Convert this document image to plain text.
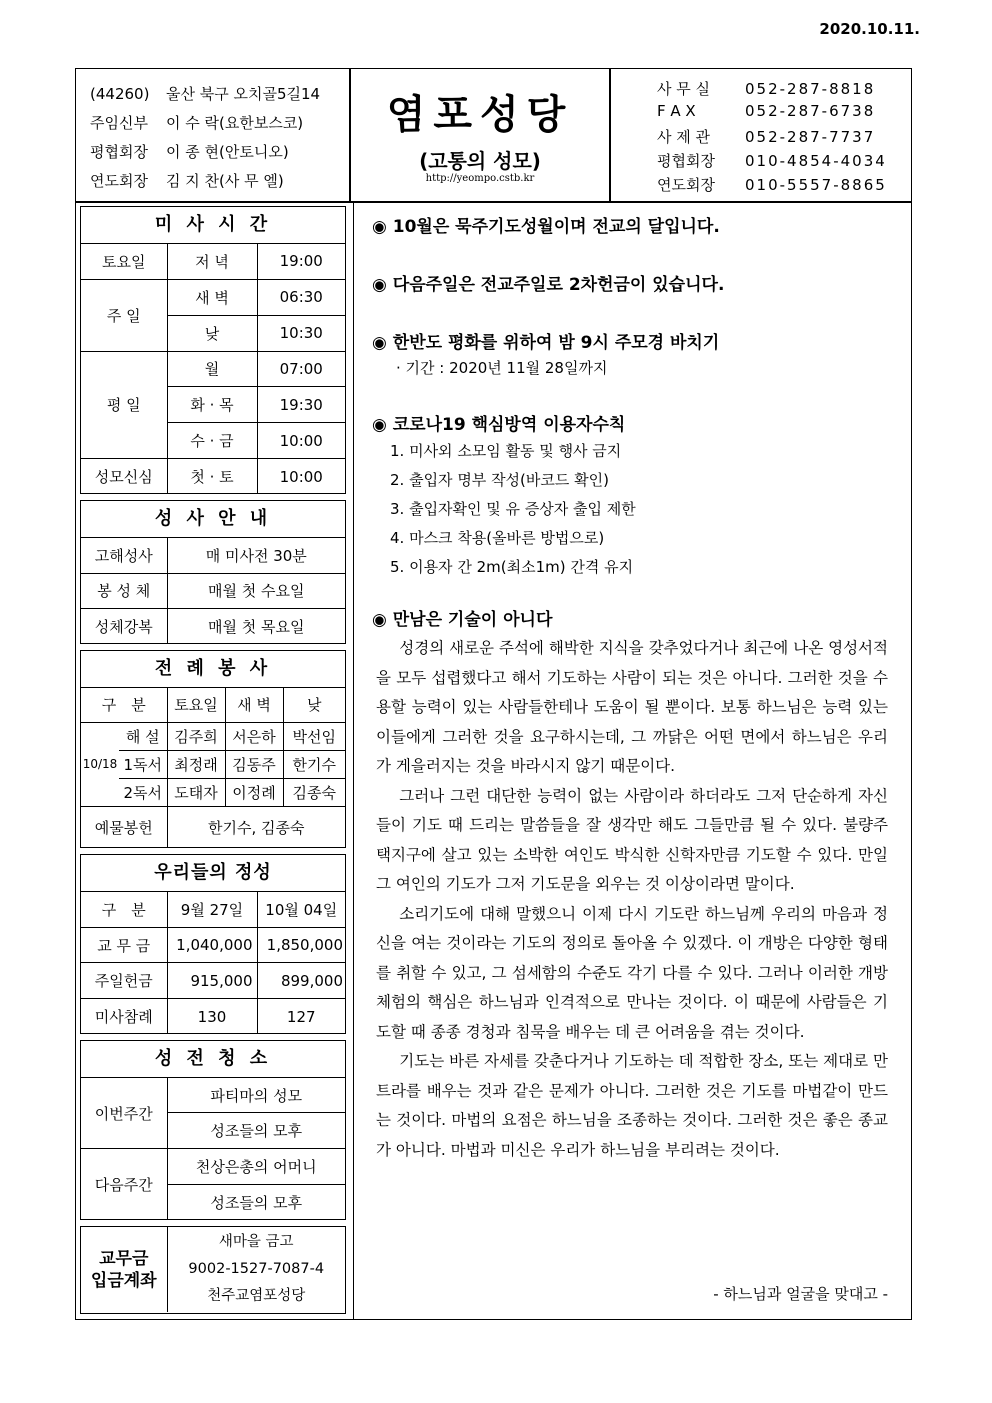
2020.10.11.
(44260) 울산 북구 오치골5길14
주임신부 이 수 락(요한보스코)
평협회장 이 종 현(안토니오)
연도회장 김 지 찬(사 무 엘)
염포성당
(고통의 성모)
http://yeompo.cstb.kr
사 무 실 052-287-8818
F A X	052-287-6738
사 제 관 052-287-7737
평협회장 010-4854-4034
연도회장 010-5557-8865
미 사 시 간
토요일	저 녁	19:00
주 일	새 벽	06:30
	낮	10:30
평 일	월	07:00
	화 · 목	19:30
	수 · 금	10:00
성모신심	첫 · 토	10:00
성 사 안 내
고해성사	매 미사전 30분
봉 성 체	매월 첫 수요일
성체강복	매월 첫 목요일
전 례 봉 사
구　분		토요일	새 벽	낮
10/18	해 설	김주희	서은하	박선임
	1독서	최정래	김동주	한기수
	2독서	도태자	이정례	김종숙
예물봉헌		한기수, 김종숙		
우리들의 정성
구　분	9월 27일	10월 04일
교 무 금	1,040,000	1,850,000
주일헌금	915,000	899,000
미사참례	130	127
성 전 청 소
이번주간	파티마의 성모
	성조들의 모후
다음주간	천상은총의 어머니
	성조들의 모후
교무금
입금계좌

새마을 금고
9002-1527-7087-4
천주교염포성당
◉ 10월은 묵주기도성월이며 전교의 달입니다.
◉ 다음주일은 전교주일로 2차헌금이 있습니다.
◉ 한반도 평화를 위하여 밤 9시 주모경 바치기
· 기간 : 2020년 11월 28일까지
◉ 코로나19 핵심방역 이용자수칙
1. 미사외 소모임 활동 및 행사 금지
2. 출입자 명부 작성(바코드 확인)
3. 출입자확인 및 유 증상자 출입 제한
4. 마스크 착용(올바른 방법으로)
5. 이용자 간 2m(최소1m) 간격 유지
◉ 만남은 기술이 아니다

성경의 새로운 주석에 해박한 지식을 갖추었다거나 최근에 나온 영성서적을 모두 섭렵했다고 해서 기도하는 사람이 되는 것은 아니다. 그러한 것을 수용할 능력이 있는 사람들한테나 도움이 될 뿐이다. 보통 하느님은 능력 있는 이들에게 그러한 것을 요구하시는데, 그 까닭은 어떤 면에서 하느님은 우리가 게을러지는 것을 바라시지 않기 때문이다.

그러나 그런 대단한 능력이 없는 사람이라 하더라도 그저 단순하게 자신들이 기도 때 드리는 말씀들을 잘 생각만 해도 그들만큼 될 수 있다. 불량주택지구에 살고 있는 소박한 여인도 박식한 신학자만큼 기도할 수 있다. 만일 그 여인의 기도가 그저 기도문을 외우는 것 이상이라면 말이다.

소리기도에 대해 말했으니 이제 다시 기도란 하느님께 우리의 마음과 정신을 여는 것이라는 기도의 정의로 돌아올 수 있겠다. 이 개방은 다양한 형태를 취할 수 있고, 그 섬세함의 수준도 각기 다를 수 있다. 그러나 이러한 개방 체험의 핵심은 하느님과 인격적으로 만나는 것이다. 이 때문에 사람들은 기도할 때 종종 경청과 침묵을 배우는 데 큰 어려움을 겪는 것이다.

기도는 바른 자세를 갖춘다거나 기도하는 데 적합한 장소, 또는 제대로 만트라를 배우는 것과 같은 문제가 아니다. 그러한 것은 기도를 마법같이 만드는 것이다. 마법의 요점은 하느님을 조종하는 것이다. 그러한 것은 좋은 종교가 아니다. 마법과 미신은 우리가 하느님을 부리려는 것이다.

- 하느님과 얼굴을 맞대고 -
